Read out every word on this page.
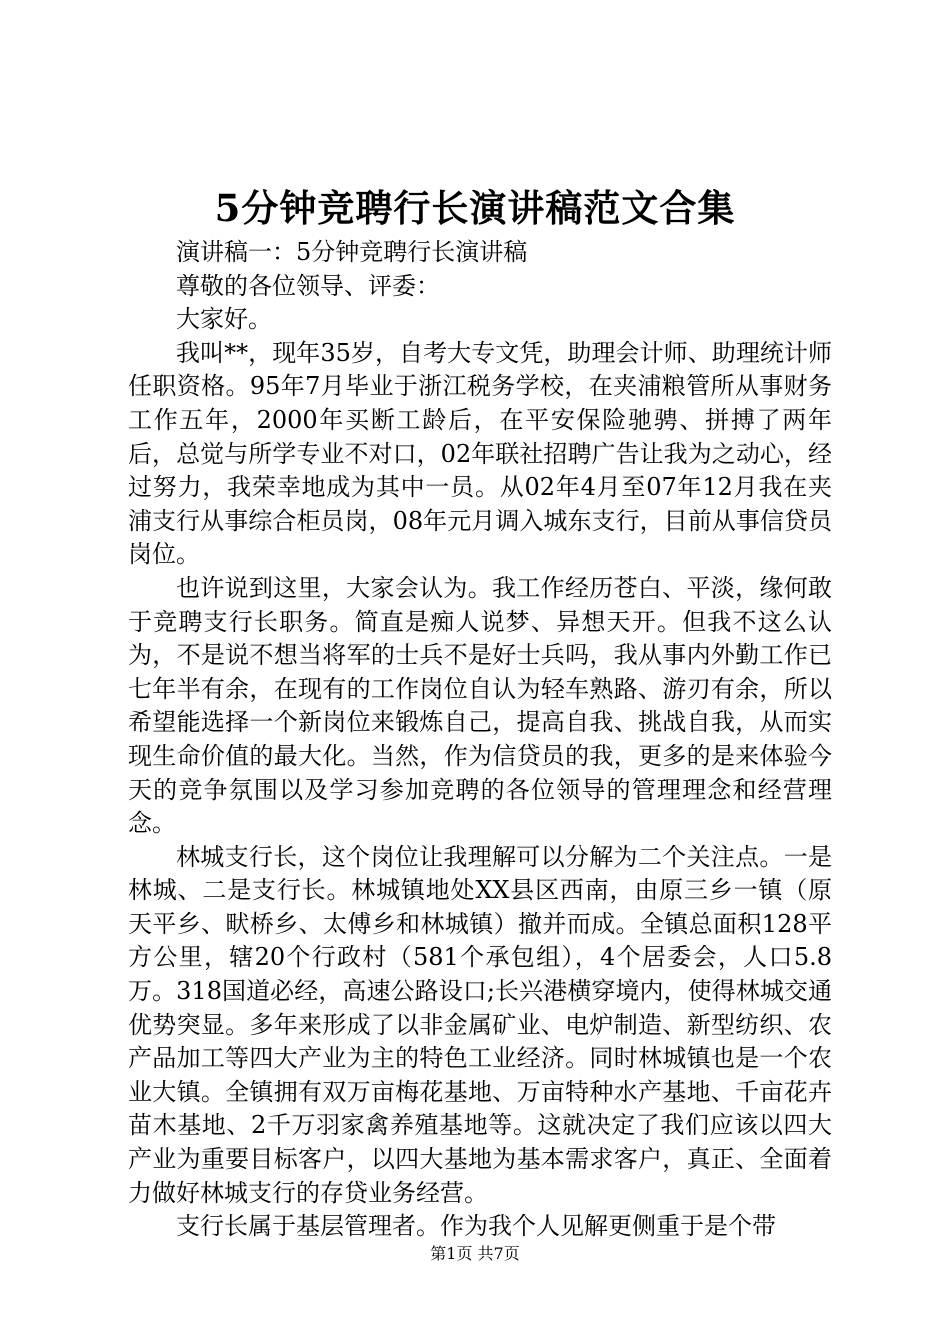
5分钟竞聘行长演讲稿范文合集

演讲稿一：5分钟竞聘行长演讲稿

尊敬的各位领导、评委：

大家好。

我叫**，现年35岁，自考大专文凭，助理会计师、助理统计师任职资格。95年7月毕业于浙江税务学校，在夹浦粮管所从事财务工作五年，2000年买断工龄后，在平安保险驰骋、拼搏了两年后，总觉与所学专业不对口，02年联社招聘广告让我为之动心，经过努力，我荣幸地成为其中一员。从02年4月至07年12月我在夹浦支行从事综合柜员岗，08年元月调入城东支行，目前从事信贷员岗位。

也许说到这里，大家会认为。我工作经历苍白、平淡，缘何敢于竞聘支行长职务。简直是痴人说梦、异想天开。但我不这么认为，不是说不想当将军的士兵不是好士兵吗，我从事内外勤工作已七年半有余，在现有的工作岗位自认为轻车熟路、游刃有余，所以希望能选择一个新岗位来锻炼自己，提高自我、挑战自我，从而实现生命价值的最大化。当然，作为信贷员的我，更多的是来体验今天的竞争氛围以及学习参加竞聘的各位领导的管理理念和经营理念。

林城支行长，这个岗位让我理解可以分解为二个关注点。一是林城、二是支行长。林城镇地处XX县区西南，由原三乡一镇（原天平乡、畎桥乡、太傅乡和林城镇）撤并而成。全镇总面积128平方公里，辖20个行政村（581个承包组），4个居委会，人口5.8万。318国道必经，高速公路设口;长兴港横穿境内，使得林城交通优势突显。多年来形成了以非金属矿业、电炉制造、新型纺织、农产品加工等四大产业为主的特色工业经济。同时林城镇也是一个农业大镇。全镇拥有双万亩梅花基地、万亩特种水产基地、千亩花卉苗木基地、2千万羽家禽养殖基地等。这就决定了我们应该以四大产业为重要目标客户，以四大基地为基本需求客户，真正、全面着力做好林城支行的存贷业务经营。

支行长属于基层管理者。作为我个人见解更侧重于是个带

第1页 共7页
